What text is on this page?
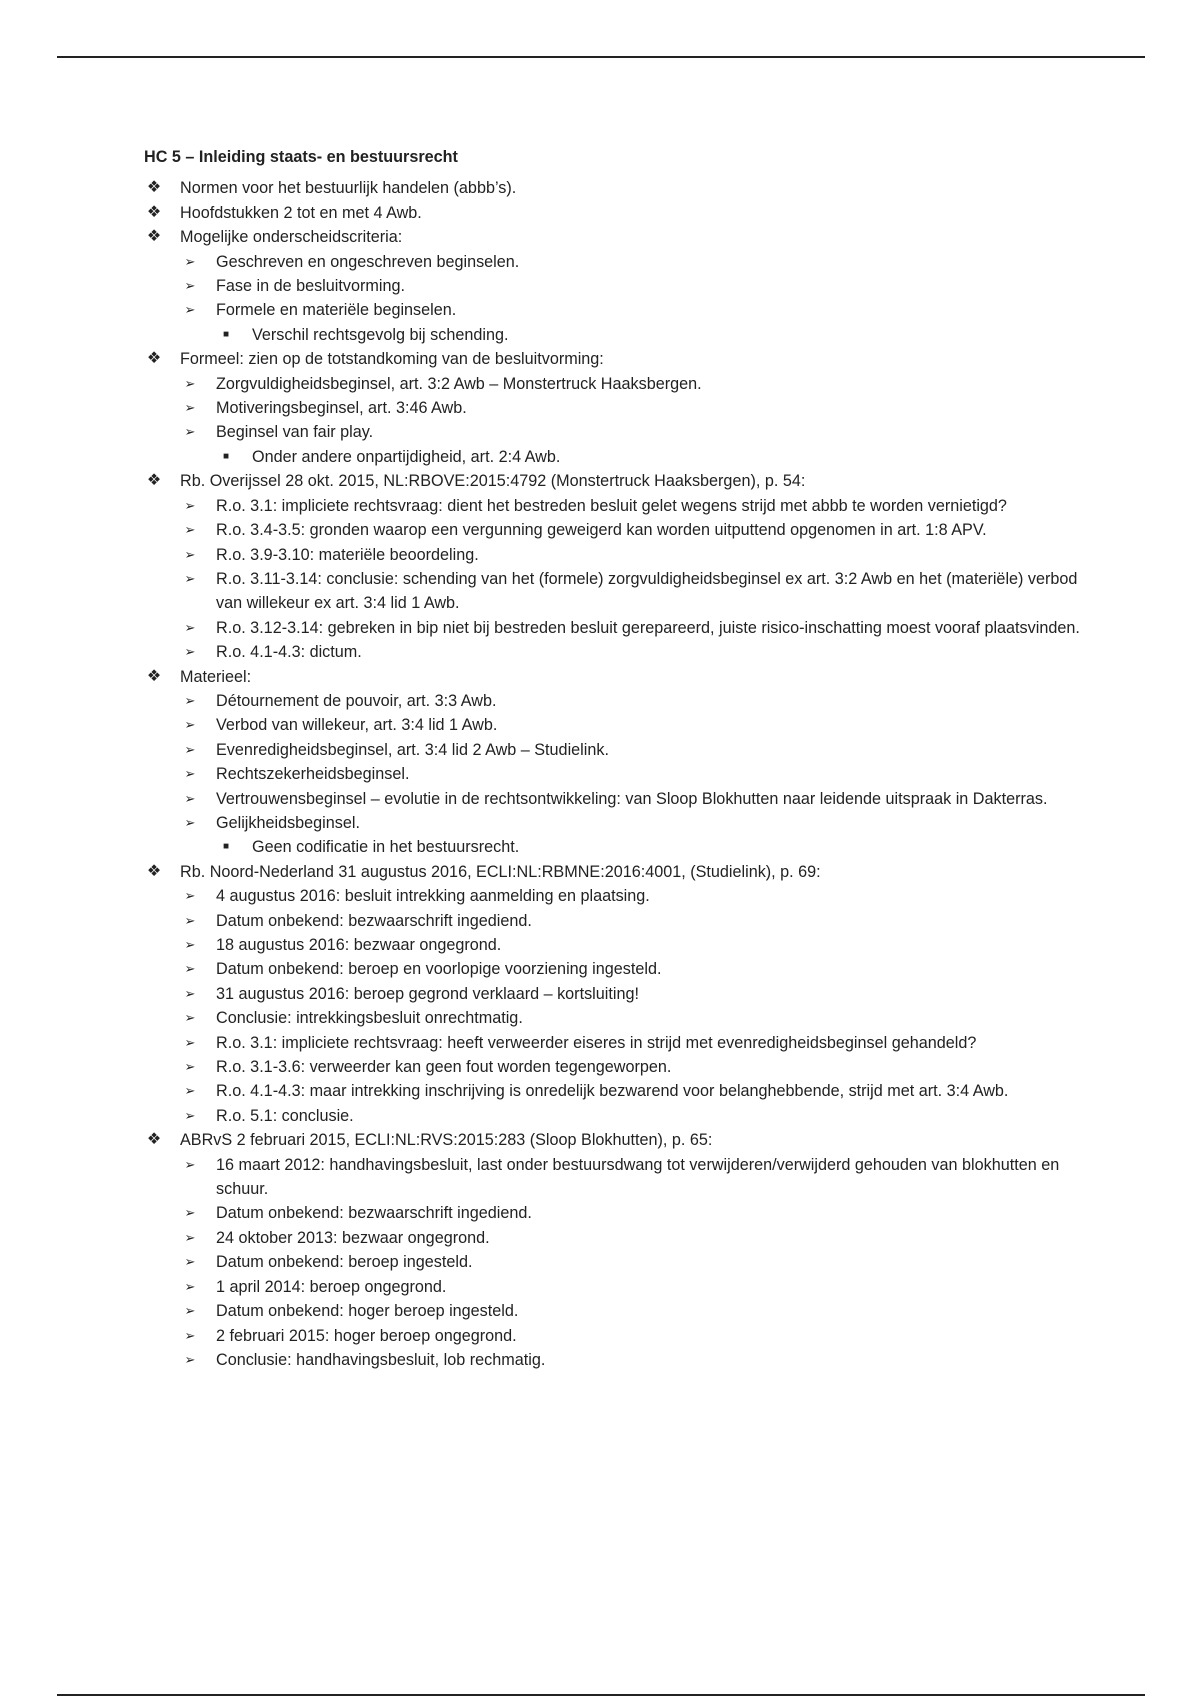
HC 5 – Inleiding staats- en bestuursrecht
❖ Normen voor het bestuurlijk handelen (abbb’s).
❖ Hoofdstukken 2 tot en met 4 Awb.
❖ Mogelijke onderscheidscriteria:
➢ Geschreven en ongeschreven beginselen.
➢ Fase in de besluitvorming.
➢ Formele en materiële beginselen.
■	Verschil rechtsgevolg bij schending.
❖ Formeel: zien op de totstandkoming van de besluitvorming:
➢ Zorgvuldigheidsbeginsel, art. 3:2 Awb – Monstertruck Haaksbergen.
➢ Motiveringsbeginsel, art. 3:46 Awb.
➢ Beginsel van fair play.
■	Onder andere onpartijdigheid, art. 2:4 Awb.
❖ Rb. Overijssel 28 okt. 2015, NL:RBOVE:2015:4792 (Monstertruck Haaksbergen), p. 54:
➢ R.o. 3.1: impliciete rechtsvraag: dient het bestreden besluit gelet wegens strijd met abbb te worden vernietigd?
➢ R.o. 3.4-3.5: gronden waarop een vergunning geweigerd kan worden uitputtend opgenomen in art. 1:8 APV.
➢ R.o. 3.9-3.10: materiële beoordeling.
➢ R.o. 3.11-3.14: conclusie: schending van het (formele) zorgvuldigheidsbeginsel ex art. 3:2 Awb en het (materiële) verbod van willekeur ex art. 3:4 lid 1 Awb.
➢ R.o. 3.12-3.14: gebreken in bip niet bij bestreden besluit gerepareerd, juiste risico-inschatting moest vooraf plaatsvinden.
➢ R.o. 4.1-4.3: dictum.
❖ Materieel:
➢ Détournement de pouvoir, art. 3:3 Awb.
➢ Verbod van willekeur, art. 3:4 lid 1 Awb.
➢ Evenredigheidsbeginsel, art. 3:4 lid 2 Awb – Studielink.
➢ Rechtszekerheidsbeginsel.
➢ Vertrouwensbeginsel – evolutie in de rechtsontwikkeling: van Sloop Blokhutten naar leidende uitspraak in Dakterras.
➢ Gelijkheidsbeginsel.
■	Geen codificatie in het bestuursrecht.
❖ Rb. Noord-Nederland 31 augustus 2016, ECLI:NL:RBMNE:2016:4001, (Studielink), p. 69:
➢ 4 augustus 2016: besluit intrekking aanmelding en plaatsing.
➢ Datum onbekend: bezwaarschrift ingediend.
➢ 18 augustus 2016: bezwaar ongegrond.
➢ Datum onbekend: beroep en voorlopige voorziening ingesteld.
➢ 31 augustus 2016: beroep gegrond verklaard – kortsluiting!
➢ Conclusie: intrekkingsbesluit onrechtmatig.
➢ R.o. 3.1: impliciete rechtsvraag: heeft verweerder eiseres in strijd met evenredigheidsbeginsel gehandeld?
➢ R.o. 3.1-3.6: verweerder kan geen fout worden tegengeworpen.
➢ R.o. 4.1-4.3: maar intrekking inschrijving is onredelijk bezwarend voor belanghebbende, strijd met art. 3:4 Awb.
➢ R.o. 5.1: conclusie.
❖ ABRvS 2 februari 2015, ECLI:NL:RVS:2015:283 (Sloop Blokhutten), p. 65:
➢ 16 maart 2012: handhavingsbesluit, last onder bestuursdwang tot verwijderen/verwijderd gehouden van blokhutten en schuur.
➢ Datum onbekend: bezwaarschrift ingediend.
➢ 24 oktober 2013: bezwaar ongegrond.
➢ Datum onbekend: beroep ingesteld.
➢ 1 april 2014: beroep ongegrond.
➢ Datum onbekend: hoger beroep ingesteld.
➢ 2 februari 2015: hoger beroep ongegrond.
➢ Conclusie: handhavingsbesluit, lob rechmatig.
